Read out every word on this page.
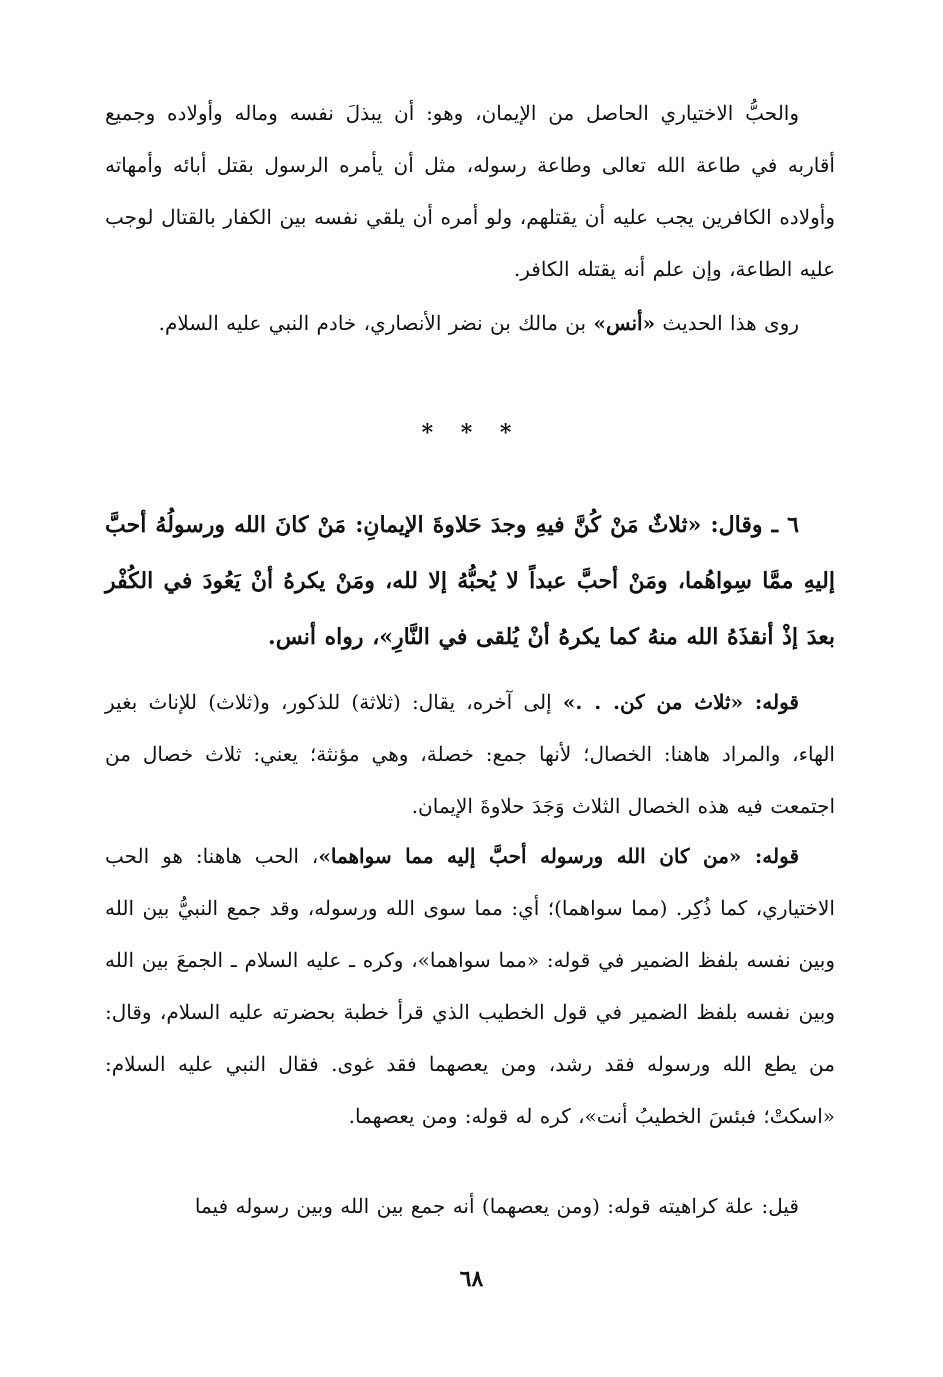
والحبُّ الاختياري الحاصل من الإيمان، وهو: أن يبذلَ نفسه وماله وأولاده وجميع أقاربه في طاعة الله تعالى وطاعة رسوله، مثل أن يأمره الرسول بقتل أبائه وأمهاته وأولاده الكافرين يجب عليه أن يقتلهم، ولو أمره أن يلقي نفسه بين الكفار بالقتال لوجب عليه الطاعة، وإن علم أنه يقتله الكافر.

روى هذا الحديث «أنس» بن مالك بن نضر الأنصاري، خادم النبي عليه السلام.

* * *

٦ ـ وقال: «ثلاثٌ مَنْ كُنَّ فيهِ وجدَ حَلاوةَ الإيمانِ: مَنْ كانَ الله ورسولُهُ أحبَّ إليهِ ممَّا سِواهُما، ومَنْ أحبَّ عبداً لا يُحبُّهُ إلا لله، ومَنْ يكرهُ أنْ يَعُودَ في الكُفْر بعدَ إذْ أنقذَهُ الله منهُ كما يكرهُ أنْ يُلقى في النَّارِ»، رواه أنس.

قوله: «ثلاث من كن. . .» إلى آخره، يقال: (ثلاثة) للذكور، و(ثلاث) للإناث بغير الهاء، والمراد هاهنا: الخصال؛ لأنها جمع: خصلة، وهي مؤنثة؛ يعني: ثلاث خصال من اجتمعت فيه هذه الخصال الثلاث وَجَدَ حلاوةَ الإيمان.

قوله: «من كان الله ورسوله أحبَّ إليه مما سواهما»، الحب هاهنا: هو الحب الاختياري، كما ذُكِر. (مما سواهما)؛ أي: مما سوى الله ورسوله، وقد جمع النبيُّ بين الله وبين نفسه بلفظ الضمير في قوله: «مما سواهما»، وكره ـ عليه السلام ـ الجمعَ بين الله وبين نفسه بلفظ الضمير في قول الخطيب الذي قرأ خطبة بحضرته عليه السلام، وقال: من يطع الله ورسوله فقد رشد، ومن يعصهما فقد غوى. فقال النبي عليه السلام: «اسكتْ؛ فبئسَ الخطيبُ أنت»، كره له قوله: ومن يعصهما.

قيل: علة كراهيته قوله: (ومن يعصهما) أنه جمع بين الله وبين رسوله فيما

٦٨
